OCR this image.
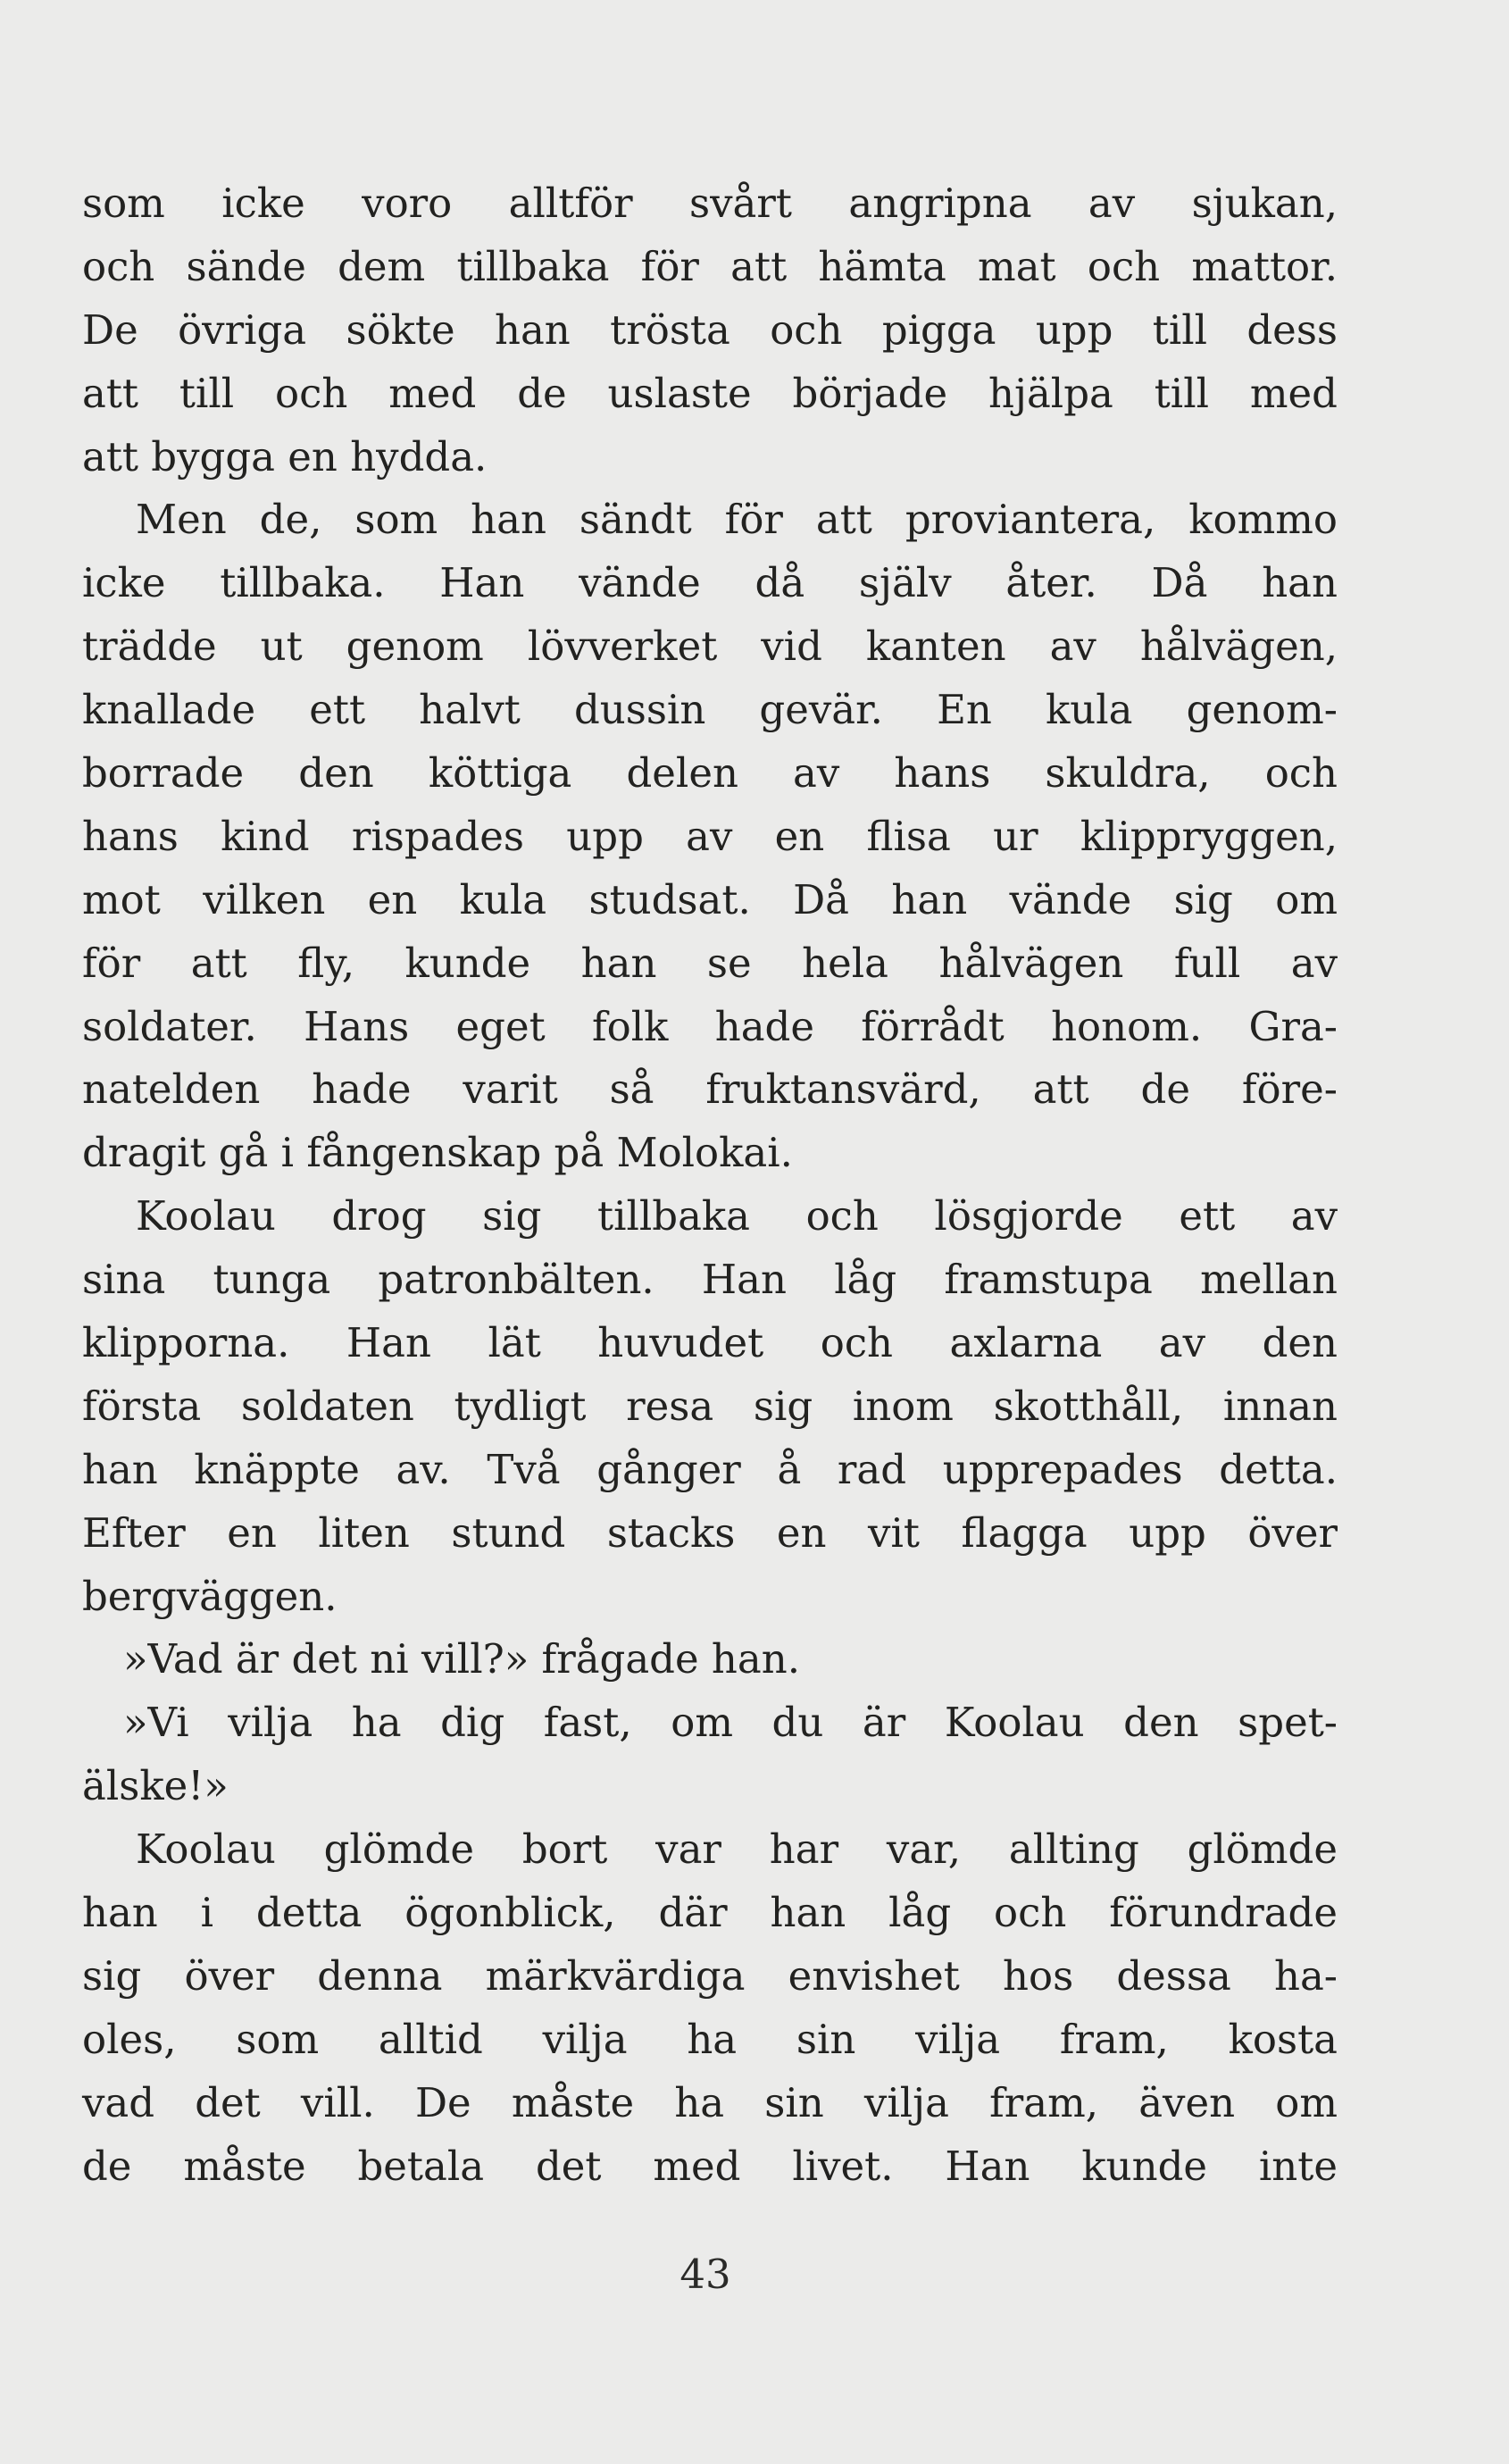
som icke voro alltför svårt angripna av sjukan,
och sände dem tillbaka för att hämta mat och mattor.
De övriga sökte han trösta och pigga upp till dess
att till och med de uslaste började hjälpa till med
att bygga en hydda.
Men de, som han sändt för att proviantera, kommo
icke tillbaka. Han vände då själv åter. Då han
trädde ut genom lövverket vid kanten av hålvägen,
knallade ett halvt dussin gevär. En kula genom-
borrade den köttiga delen av hans skuldra, och
hans kind rispades upp av en flisa ur klippryggen,
mot vilken en kula studsat. Då han vände sig om
för att fly, kunde han se hela hålvägen full av
soldater. Hans eget folk hade förrådt honom. Gra-
natelden hade varit så fruktansvärd, att de före-
dragit gå i fångenskap på Molokai.
Koolau drog sig tillbaka och lösgjorde ett av
sina tunga patronbälten. Han låg framstupa mellan
klipporna. Han lät huvudet och axlarna av den
första soldaten tydligt resa sig inom skotthåll, innan
han knäppte av. Två gånger å rad upprepades detta.
Efter en liten stund stacks en vit flagga upp över
bergväggen.
»Vad är det ni vill?» frågade han.
»Vi vilja ha dig fast, om du är Koolau den spet-
älske!»
Koolau glömde bort var har var, allting glömde
han i detta ögonblick, där han låg och förundrade
sig över denna märkvärdiga envishet hos dessa ha-
oles, som alltid vilja ha sin vilja fram, kosta
vad det vill. De måste ha sin vilja fram, även om
de måste betala det med livet. Han kunde inte
43
